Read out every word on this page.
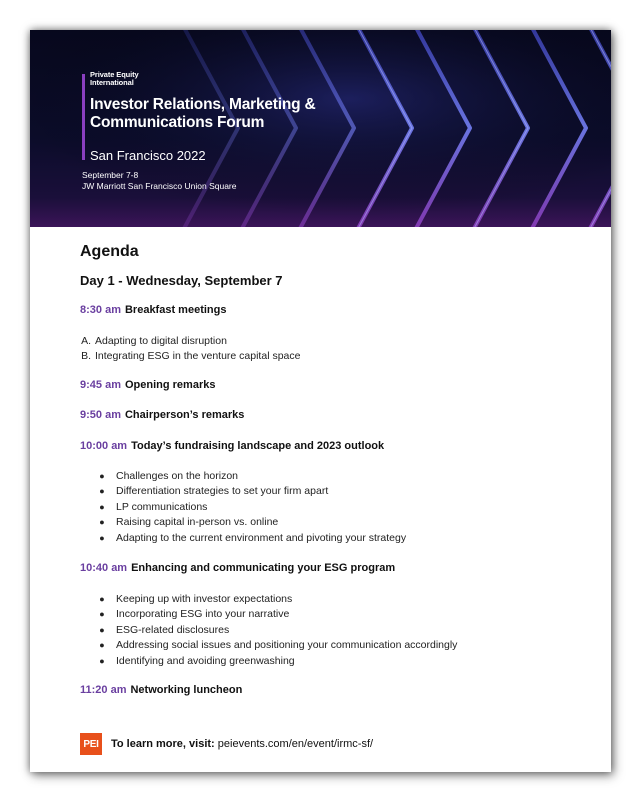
Private Equity International
Investor Relations, Marketing & Communications Forum
San Francisco 2022
September 7-8
JW Marriott San Francisco Union Square
Agenda
Day 1 - Wednesday, September 7
8:30 am Breakfast meetings
A. Adapting to digital disruption
B. Integrating ESG in the venture capital space
9:45 am Opening remarks
9:50 am Chairperson’s remarks
10:00 am Today’s fundraising landscape and 2023 outlook
● Challenges on the horizon
● Differentiation strategies to set your firm apart
● LP communications
● Raising capital in-person vs. online
● Adapting to the current environment and pivoting your strategy
10:40 am Enhancing and communicating your ESG program
● Keeping up with investor expectations
● Incorporating ESG into your narrative
● ESG-related disclosures
● Addressing social issues and positioning your communication accordingly
● Identifying and avoiding greenwashing
11:20 am Networking luncheon
PEI	To learn more, visit: peievents.com/en/event/irmc-sf/
